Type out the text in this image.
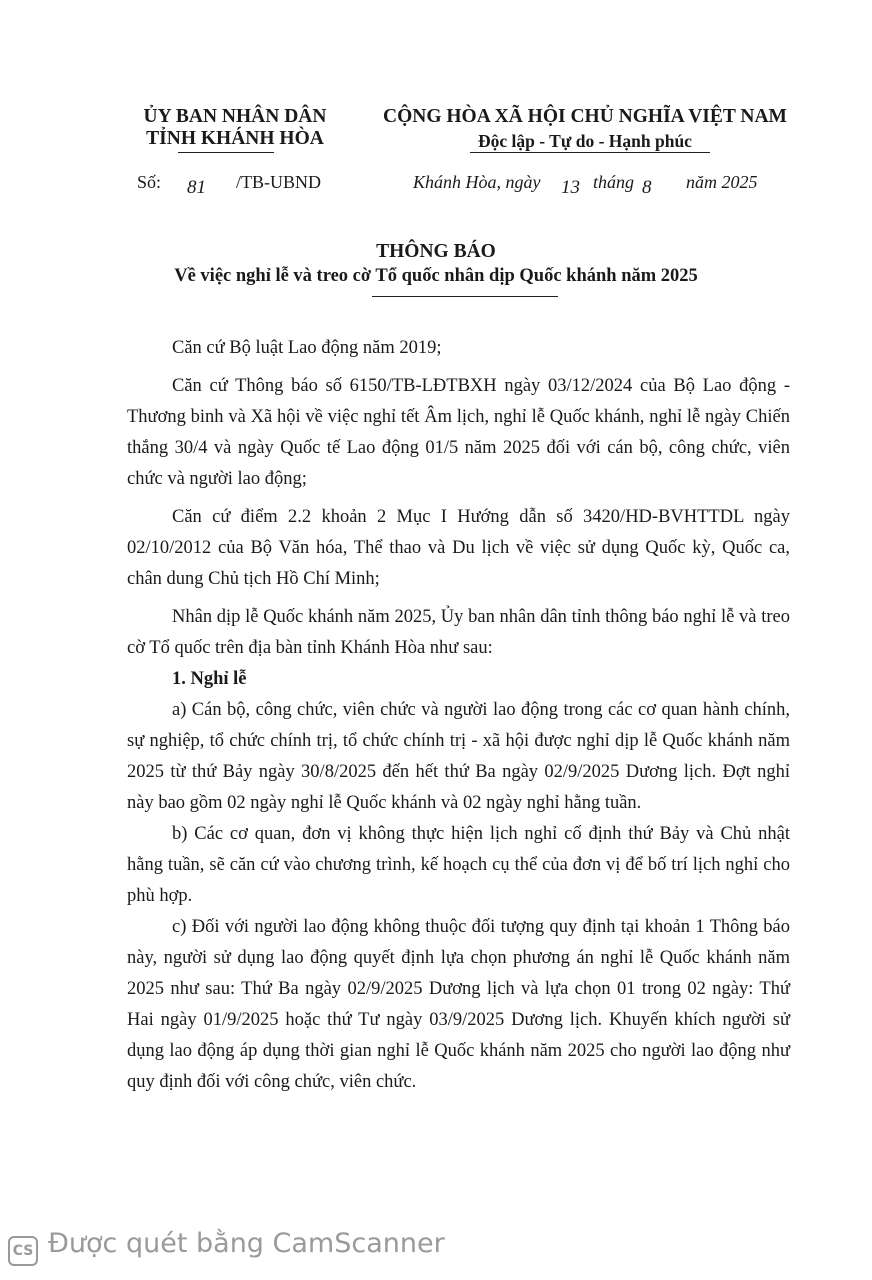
ỦY BAN NHÂN DÂN
TỈNH KHÁNH HÒA
CỘNG HÒA XÃ HỘI CHỦ NGHĨA VIỆT NAM
Độc lập - Tự do - Hạnh phúc
Số: 81 /TB-UBND	Khánh Hòa, ngày 13 tháng 8 năm 2025
THÔNG BÁO
Về việc nghỉ lễ và treo cờ Tổ quốc nhân dịp Quốc khánh năm 2025

Căn cứ Bộ luật Lao động năm 2019;

Căn cứ Thông báo số 6150/TB-LĐTBXH ngày 03/12/2024 của Bộ Lao động - Thương binh và Xã hội về việc nghỉ tết Âm lịch, nghỉ lễ Quốc khánh, nghỉ lễ ngày Chiến thắng 30/4 và ngày Quốc tế Lao động 01/5 năm 2025 đối với cán bộ, công chức, viên chức và người lao động;

Căn cứ điểm 2.2 khoản 2 Mục I Hướng dẫn số 3420/HD-BVHTTDL ngày 02/10/2012 của Bộ Văn hóa, Thể thao và Du lịch về việc sử dụng Quốc kỳ, Quốc ca, chân dung Chủ tịch Hồ Chí Minh;

Nhân dịp lễ Quốc khánh năm 2025, Ủy ban nhân dân tỉnh thông báo nghỉ lễ và treo cờ Tổ quốc trên địa bàn tỉnh Khánh Hòa như sau:

1. Nghỉ lễ

a) Cán bộ, công chức, viên chức và người lao động trong các cơ quan hành chính, sự nghiệp, tổ chức chính trị, tổ chức chính trị - xã hội được nghỉ dịp lễ Quốc khánh năm 2025 từ thứ Bảy ngày 30/8/2025 đến hết thứ Ba ngày 02/9/2025 Dương lịch. Đợt nghỉ này bao gồm 02 ngày nghỉ lễ Quốc khánh và 02 ngày nghỉ hằng tuần.

b) Các cơ quan, đơn vị không thực hiện lịch nghỉ cố định thứ Bảy và Chủ nhật hằng tuần, sẽ căn cứ vào chương trình, kế hoạch cụ thể của đơn vị để bố trí lịch nghỉ cho phù hợp.

c) Đối với người lao động không thuộc đối tượng quy định tại khoản 1 Thông báo này, người sử dụng lao động quyết định lựa chọn phương án nghỉ lễ Quốc khánh năm 2025 như sau: Thứ Ba ngày 02/9/2025 Dương lịch và lựa chọn 01 trong 02 ngày: Thứ Hai ngày 01/9/2025 hoặc thứ Tư ngày 03/9/2025 Dương lịch. Khuyến khích người sử dụng lao động áp dụng thời gian nghỉ lễ Quốc khánh năm 2025 cho người lao động như quy định đối với công chức, viên chức.

CS Được quét bằng CamScanner
